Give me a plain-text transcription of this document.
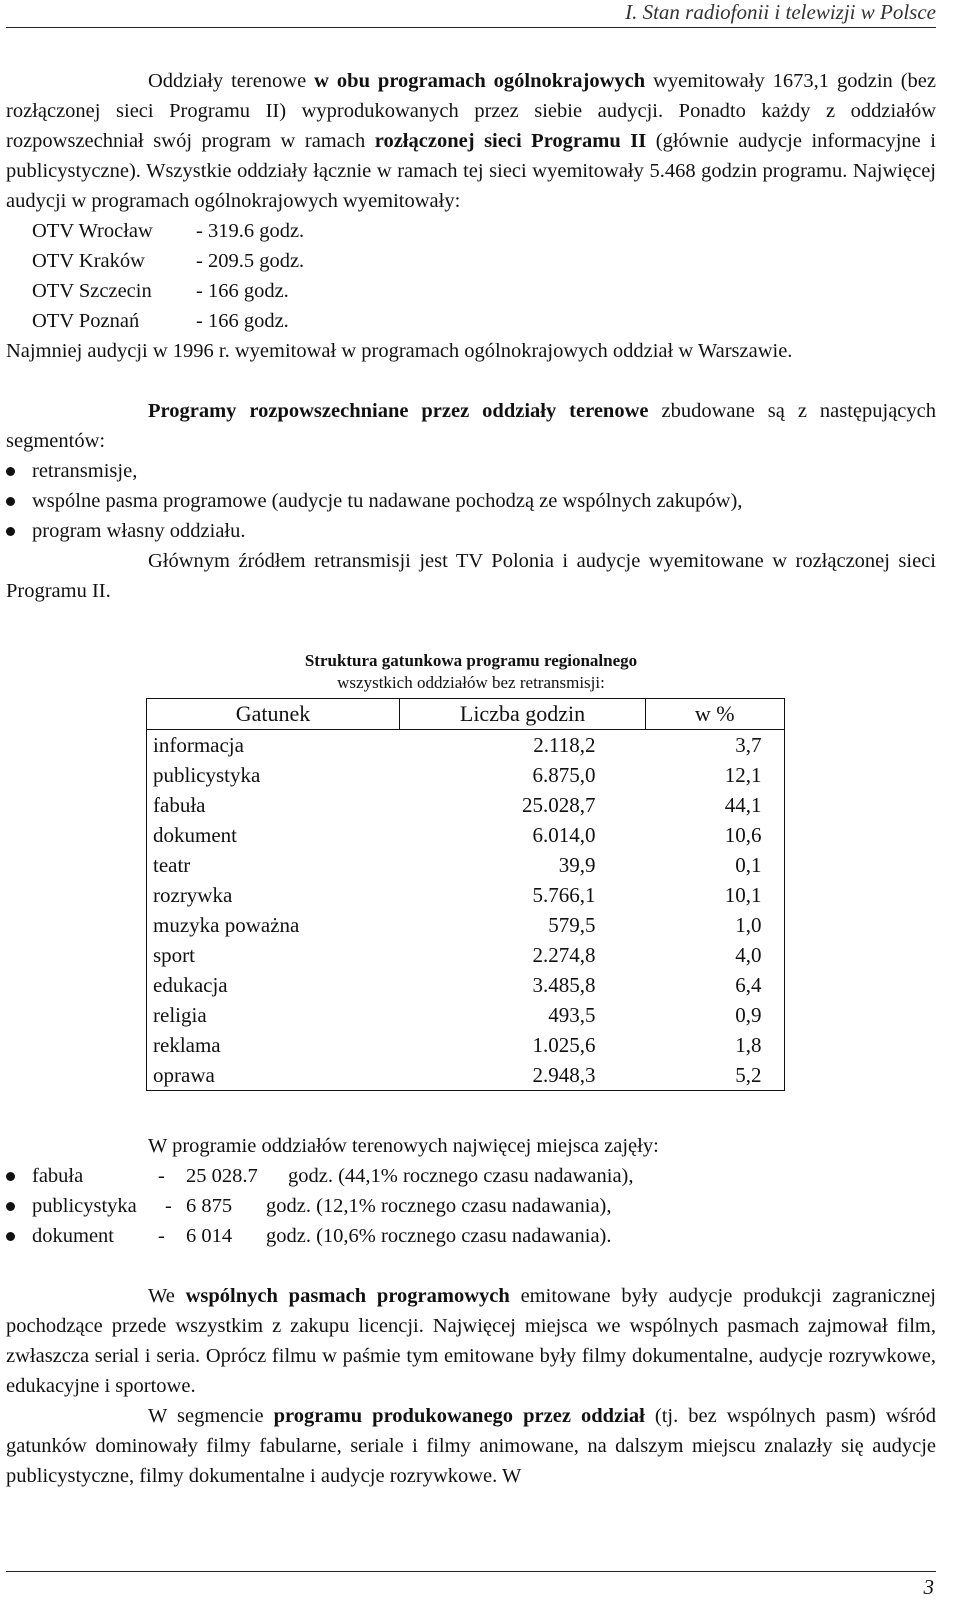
I. Stan radiofonii i telewizji w Polsce

Oddziały terenowe w obu programach ogólnokrajowych wyemitowały 1673,1 godzin (bez rozłączonej sieci Programu II) wyprodukowanych przez siebie audycji. Ponadto każdy z oddziałów rozpowszechniał swój program w ramach rozłączonej sieci Programu II (głównie audycje informacyjne i publicystyczne). Wszystkie oddziały łącznie w ramach tej sieci wyemitowały 5.468 godzin programu. Najwięcej audycji w programach ogólnokrajowych wyemitowały:

OTV Wrocław - 319.6 godz.
OTV Kraków - 209.5 godz.
OTV Szczecin - 166 godz.
OTV Poznań	- 166 godz.

Najmniej audycji w 1996 r. wyemitował w programach ogólnokrajowych oddział w Warszawie.

Programy rozpowszechniane przez oddziały terenowe zbudowane są z następujących segmentów:

retransmisje,
wspólne pasma programowe (audycje tu nadawane pochodzą ze wspólnych zakupów),
program własny oddziału.

Głównym źródłem retransmisji jest TV Polonia i audycje wyemitowane w rozłączonej sieci Programu II.

Struktura gatunkowa programu regionalnego
wszystkich oddziałów bez retransmisji:
Gatunek	Liczba godzin	w %
informacja	2.118,2	3,7
publicystyka	6.875,0	12,1
fabuła	25.028,7	44,1
dokument	6.014,0	10,6
teatr	39,9	0,1
rozrywka	5.766,1	10,1
muzyka poważna	579,5	1,0
sport	2.274,8	4,0
edukacja	3.485,8	6,4
religia	493,5	0,9
reklama	1.025,6	1,8
oprawa	2.948,3	5,2

W programie oddziałów terenowych najwięcej miejsca zajęły:

fabuła	- 25 028.7 godz. (44,1% rocznego czasu nadawania),
publicystyka - 6 875 godz. (12,1% rocznego czasu nadawania),
dokument - 6 014 godz. (10,6% rocznego czasu nadawania).

We wspólnych pasmach programowych emitowane były audycje produkcji zagranicznej pochodzące przede wszystkim z zakupu licencji. Najwięcej miejsca we wspólnych pasmach zajmował film, zwłaszcza serial i seria. Oprócz filmu w paśmie tym emitowane były filmy dokumentalne, audycje rozrywkowe, edukacyjne i sportowe.

W segmencie programu produkowanego przez oddział (tj. bez wspólnych pasm) wśród gatunków dominowały filmy fabularne, seriale i filmy animowane, na dalszym miejscu znalazły się audycje publicystyczne, filmy dokumentalne i audycje rozrywkowe. W

3
